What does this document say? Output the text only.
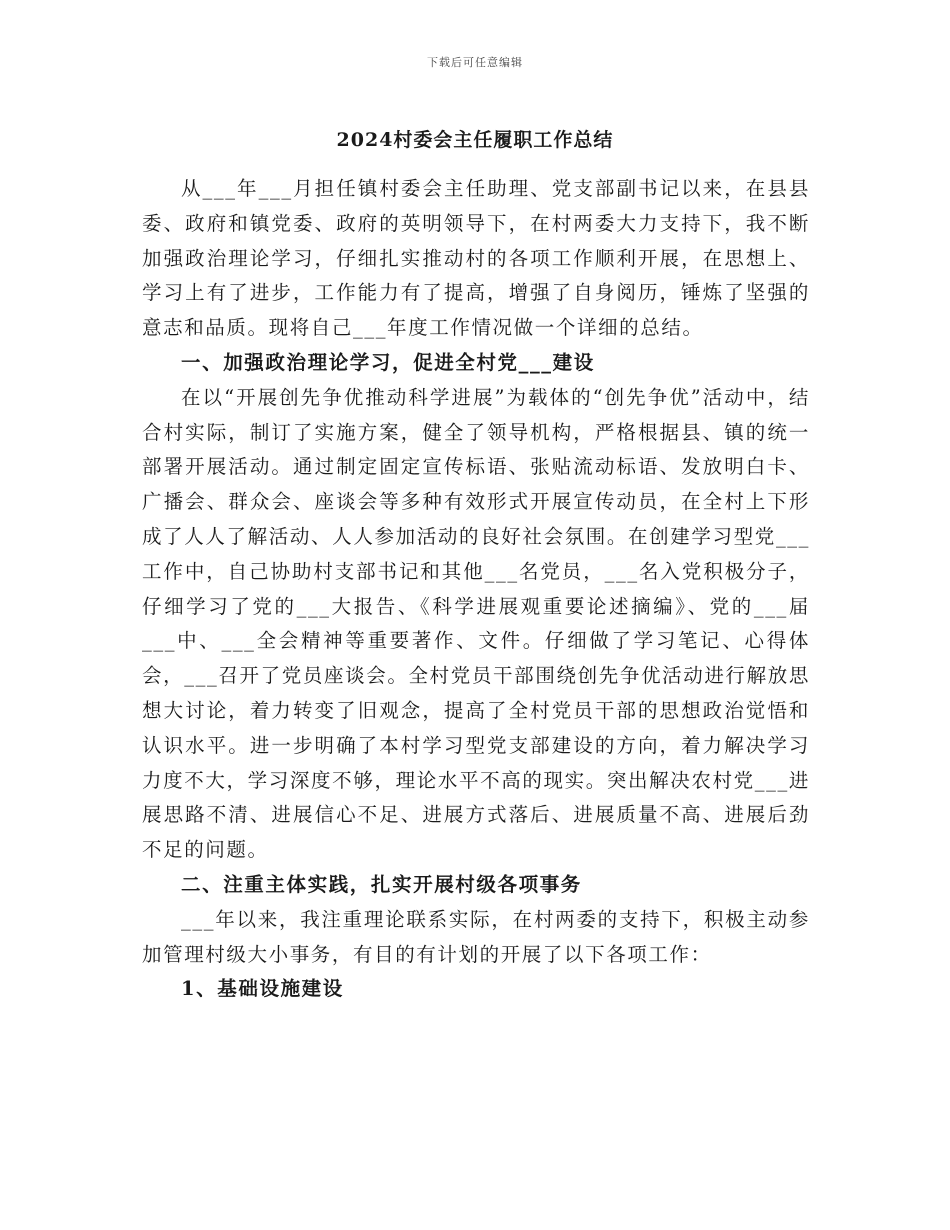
下载后可任意编辑
2024村委会主任履职工作总结

从___年___月担任镇村委会主任助理、党支部副书记以来，在县县委、政府和镇党委、政府的英明领导下，在村两委大力支持下，我不断加强政治理论学习，仔细扎实推动村的各项工作顺利开展，在思想上、学习上有了进步，工作能力有了提高，增强了自身阅历，锤炼了坚强的意志和品质。现将自己___年度工作情况做一个详细的总结。

一、加强政治理论学习，促进全村党___建设

在以“开展创先争优推动科学进展”为载体的“创先争优”活动中，结合村实际，制订了实施方案，健全了领导机构，严格根据县、镇的统一部署开展活动。通过制定固定宣传标语、张贴流动标语、发放明白卡、广播会、群众会、座谈会等多种有效形式开展宣传动员，在全村上下形成了人人了解活动、人人参加活动的良好社会氛围。在创建学习型党___工作中，自己协助村支部书记和其他___名党员，___名入党积极分子，仔细学习了党的___大报告、《科学进展观重要论述摘编》、党的___届___中、___全会精神等重要著作、文件。仔细做了学习笔记、心得体会，___召开了党员座谈会。全村党员干部围绕创先争优活动进行解放思想大讨论，着力转变了旧观念，提高了全村党员干部的思想政治觉悟和认识水平。进一步明确了本村学习型党支部建设的方向，着力解决学习力度不大，学习深度不够，理论水平不高的现实。突出解决农村党___进展思路不清、进展信心不足、进展方式落后、进展质量不高、进展后劲不足的问题。

二、注重主体实践，扎实开展村级各项事务

___年以来，我注重理论联系实际，在村两委的支持下，积极主动参加管理村级大小事务，有目的有计划的开展了以下各项工作：

1、基础设施建设
